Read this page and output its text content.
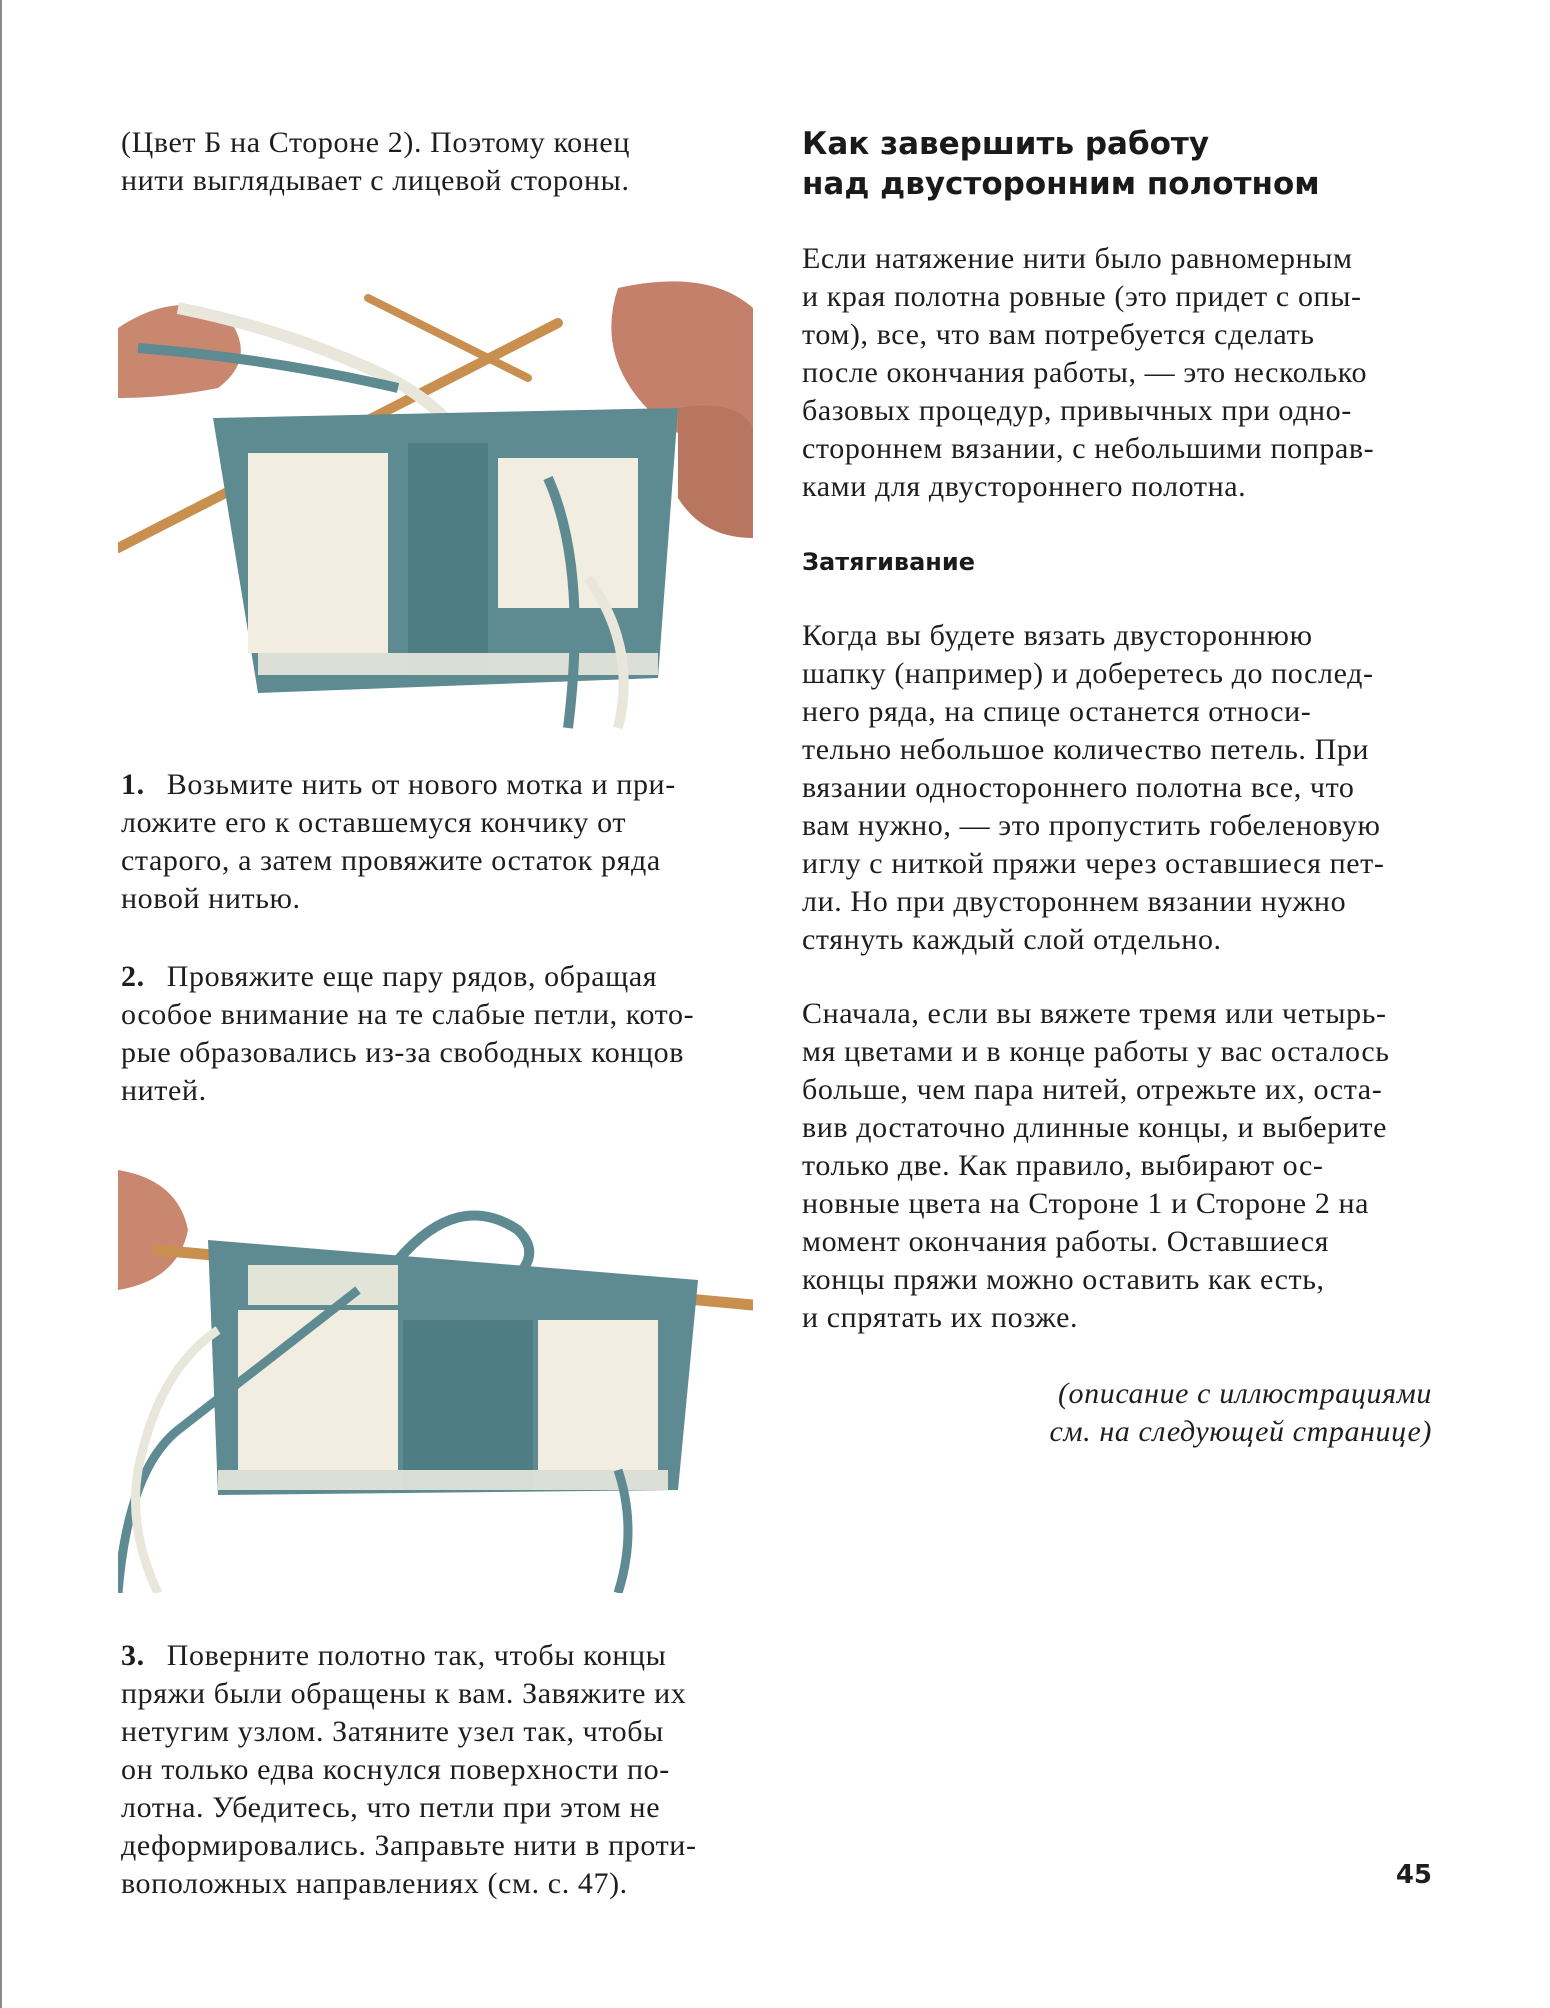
(Цвет Б на Стороне 2). Поэтому конец
нити выглядывает с лицевой стороны.

1. Возьмите нить от нового мотка и при-
ложите его к оставшемуся кончику от
старого, а затем провяжите остаток ряда
новой нитью.

2. Провяжите еще пару рядов, обращая
особое внимание на те слабые петли, кото-
рые образовались из-за свободных концов
нитей.

3. Поверните полотно так, чтобы концы
пряжи были обращены к вам. Завяжите их
нетугим узлом. Затяните узел так, чтобы
он только едва коснулся поверхности по-
лотна. Убедитесь, что петли при этом не
деформировались. Заправьте нити в проти-
воположных направлениях (см. с. 47).

Как завершить работу
над двусторонним полотном

Если натяжение нити было равномерным
и края полотна ровные (это придет с опы-
том), все, что вам потребуется сделать
после окончания работы, — это несколько
базовых процедур, привычных при одно-
стороннем вязании, с небольшими поправ-
ками для двустороннего полотна.

Затягивание

Когда вы будете вязать двустороннюю
шапку (например) и доберетесь до послед-
него ряда, на спице останется относи-
тельно небольшое количество петель. При
вязании одностороннего полотна все, что
вам нужно, — это пропустить гобеленовую
иглу с ниткой пряжи через оставшиеся пет-
ли. Но при двустороннем вязании нужно
стянуть каждый слой отдельно.

Сначала, если вы вяжете тремя или четырь-
мя цветами и в конце работы у вас осталось
больше, чем пара нитей, отрежьте их, оста-
вив достаточно длинные концы, и выберите
только две. Как правило, выбирают ос-
новные цвета на Стороне 1 и Стороне 2 на
момент окончания работы. Оставшиеся
концы пряжи можно оставить как есть,
и спрятать их позже.

(описание с иллюстрациями
см. на следующей странице)
45
